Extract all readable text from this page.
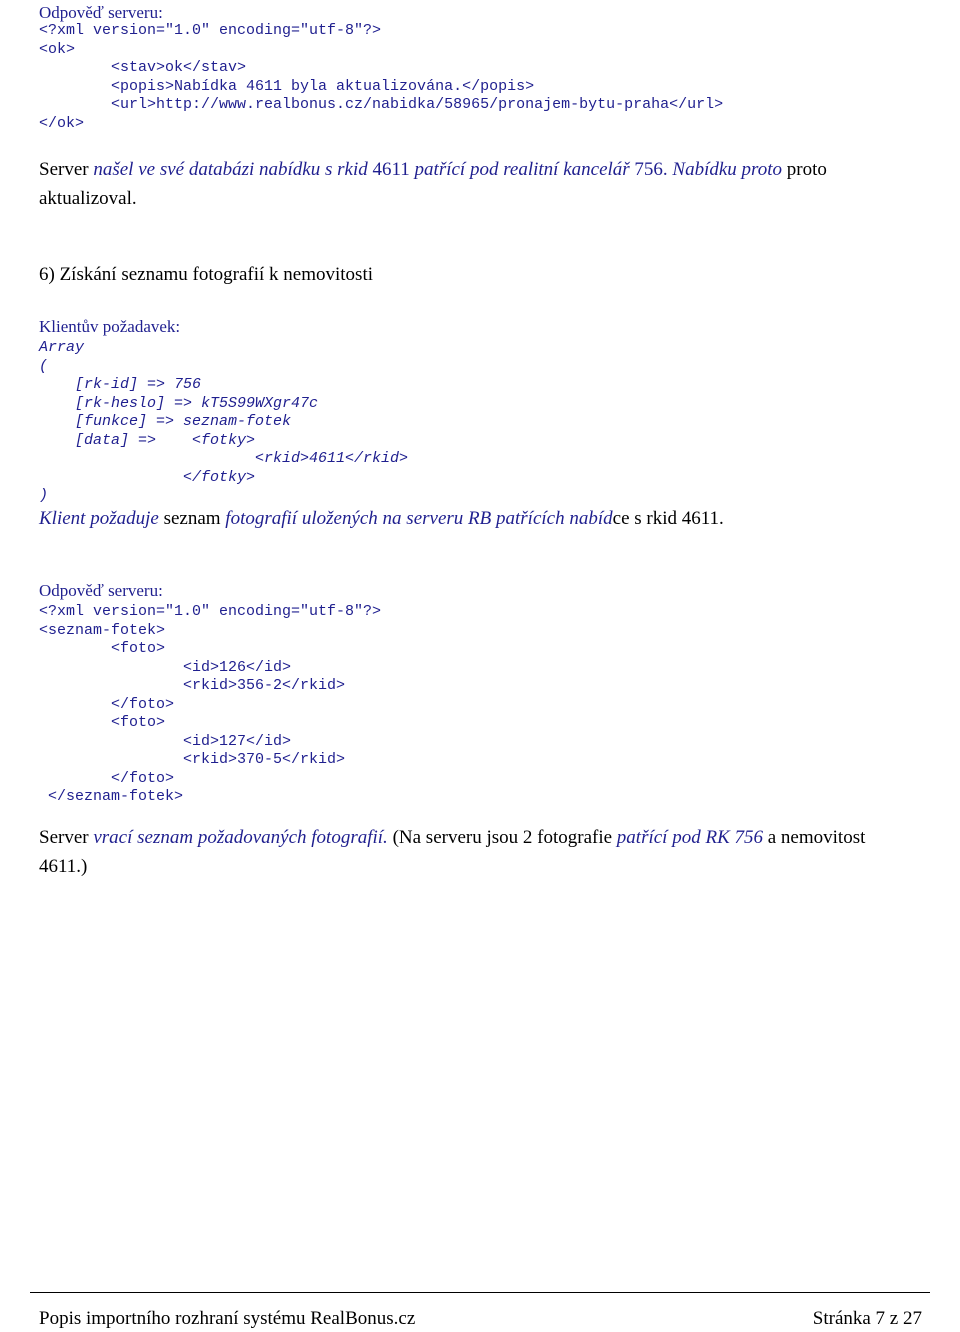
Odpověď serveru:
<?xml version="1.0" encoding="utf-8"?>
<ok>
<stav>ok</stav>
<popis>Nabídka 4611 byla aktualizována.</popis>
<url>http://www.realbonus.cz/nabidka/58965/pronajem-bytu-praha</url>
</ok>
Server našel ve své databázi nabídku s rkid 4611 patřící pod realitní kancelář 756. Nabídku proto proto
aktualizoval.
6) Získání seznamu fotografií k nemovitosti
Klientův požadavek:
Array
(
[rk-id] => 756
[rk-heslo] => kT5S99WXgr47c
[funkce] => seznam-fotek
[data] =>    <fotky>
<rkid>4611</rkid>
</fotky>
)
Klient požaduje seznam fotografií uložených na serveru RB patřících nabídce s rkid 4611.
Odpověď serveru:
<?xml version="1.0" encoding="utf-8"?>
<seznam-fotek>
<foto>
<id>126</id>
<rkid>356-2</rkid>
</foto>
<foto>
<id>127</id>
<rkid>370-5</rkid>
</foto>
</seznam-fotek>
Server vrací seznam požadovaných fotografií. (Na serveru jsou 2 fotografie patřící pod RK 756 a nemovitost
4611.)
Popis importního rozhraní systému RealBonus.cz	Stránka 7 z 27
